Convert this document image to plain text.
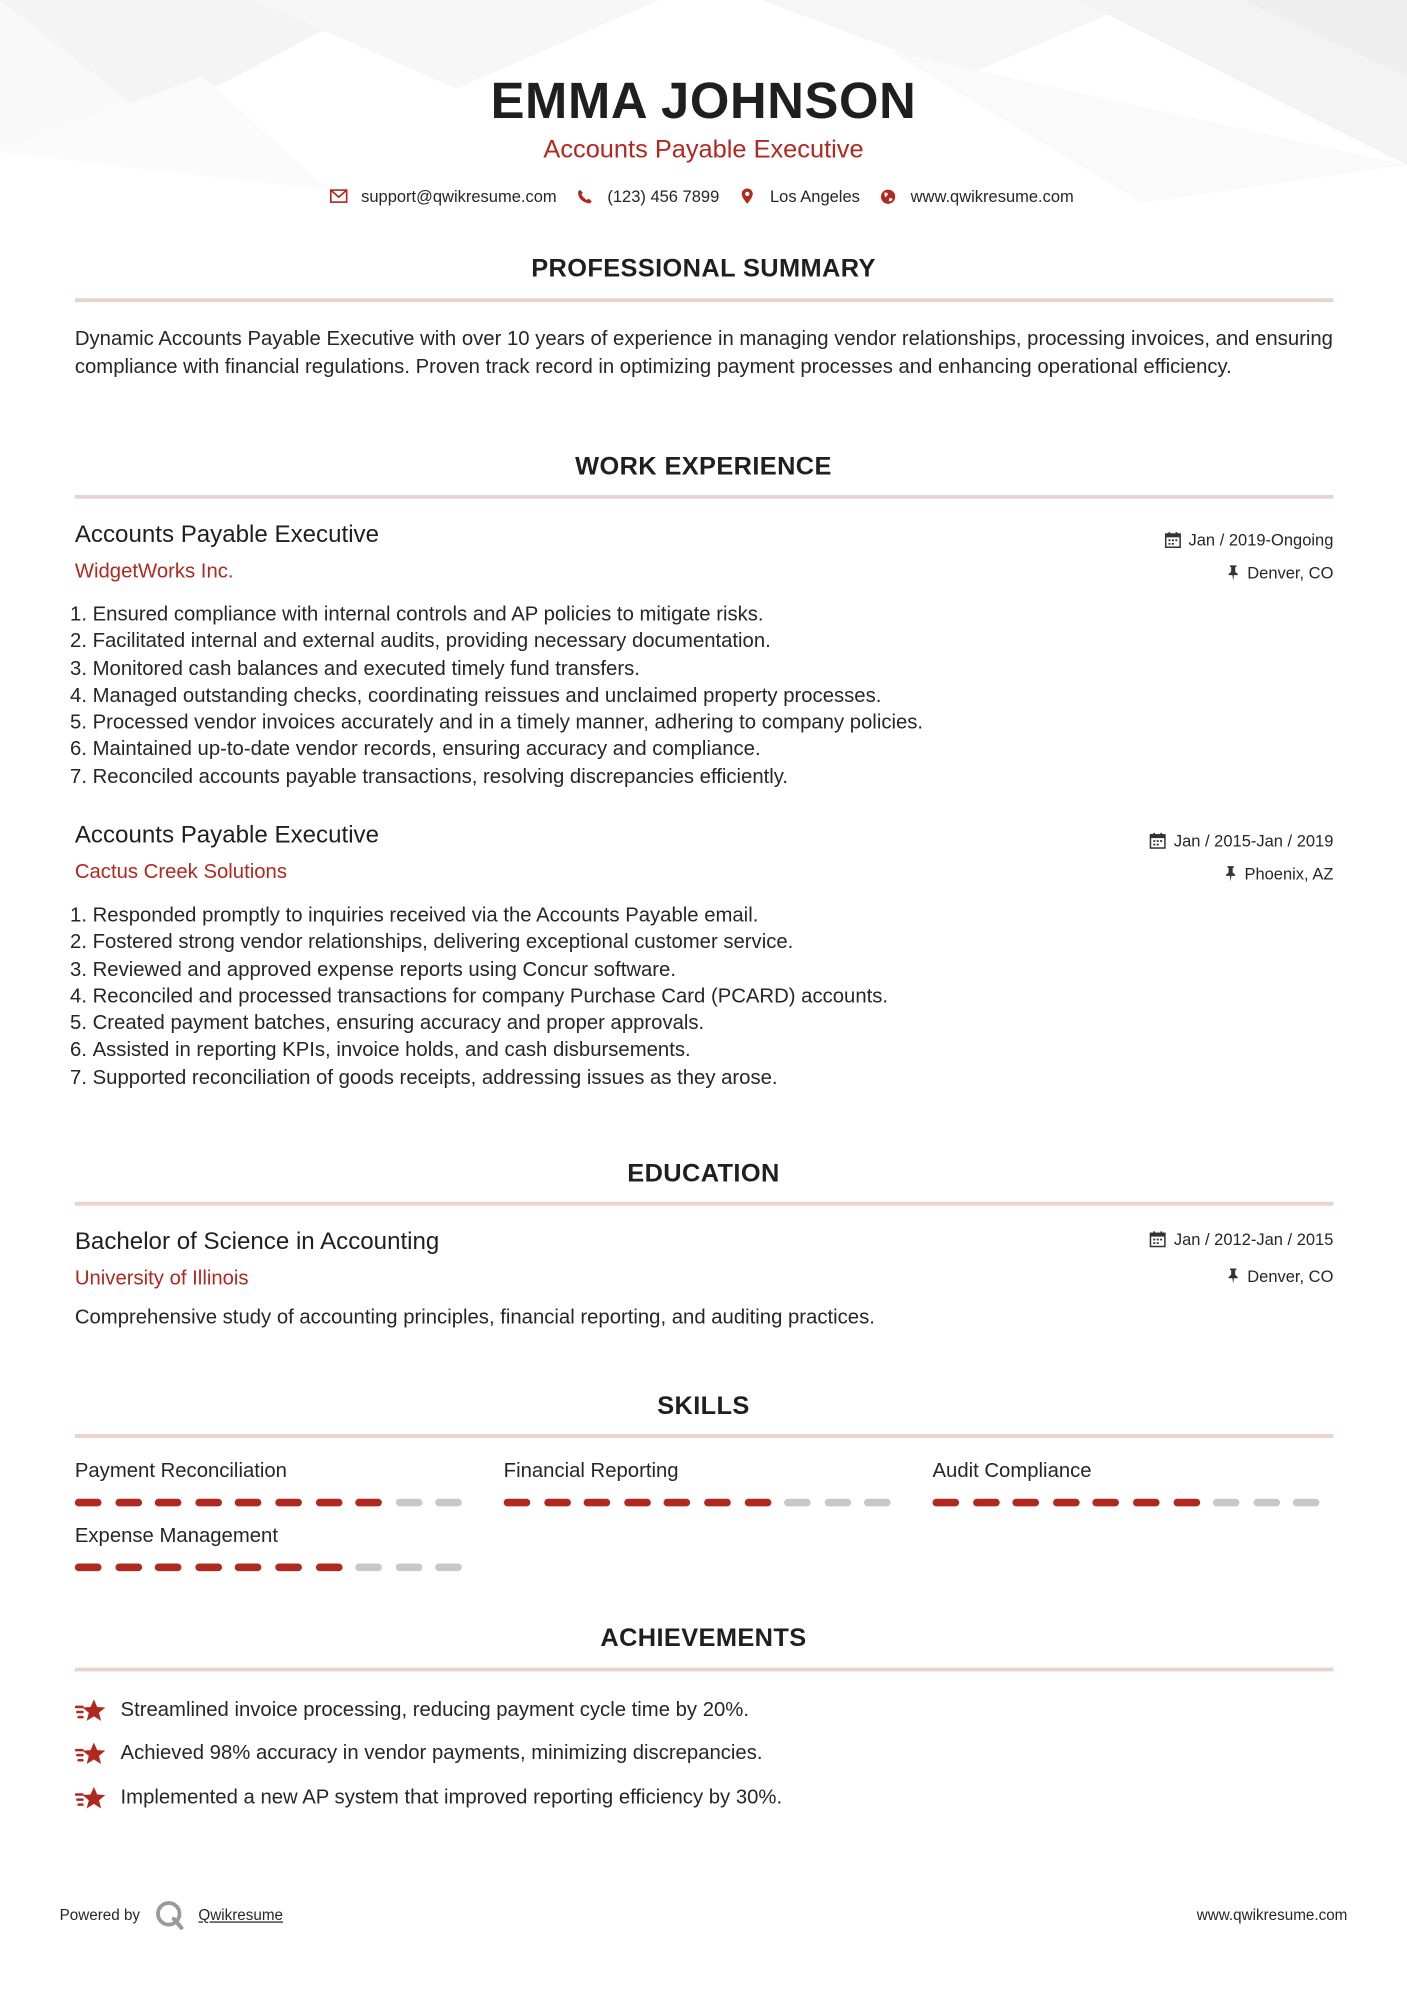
EMMA JOHNSON
Accounts Payable Executive
support@qwikresume.com	(123) 456 7899	Los Angeles	www.qwikresume.com
PROFESSIONAL SUMMARY
Dynamic Accounts Payable Executive with over 10 years of experience in managing vendor relationships, processing invoices, and ensuring compliance with financial regulations. Proven track record in optimizing payment processes and enhancing operational efficiency.
WORK EXPERIENCE
Accounts Payable Executive
WidgetWorks Inc.
Jan / 2019-Ongoing
Denver, CO
1. Ensured compliance with internal controls and AP policies to mitigate risks.
2. Facilitated internal and external audits, providing necessary documentation.
3. Monitored cash balances and executed timely fund transfers.
4. Managed outstanding checks, coordinating reissues and unclaimed property processes.
5. Processed vendor invoices accurately and in a timely manner, adhering to company policies.
6. Maintained up-to-date vendor records, ensuring accuracy and compliance.
7. Reconciled accounts payable transactions, resolving discrepancies efficiently.
Accounts Payable Executive
Cactus Creek Solutions
Jan / 2015-Jan / 2019
Phoenix, AZ
1. Responded promptly to inquiries received via the Accounts Payable email.
2. Fostered strong vendor relationships, delivering exceptional customer service.
3. Reviewed and approved expense reports using Concur software.
4. Reconciled and processed transactions for company Purchase Card (PCARD) accounts.
5. Created payment batches, ensuring accuracy and proper approvals.
6. Assisted in reporting KPIs, invoice holds, and cash disbursements.
7. Supported reconciliation of goods receipts, addressing issues as they arose.
EDUCATION
Bachelor of Science in Accounting
University of Illinois
Jan / 2012-Jan / 2015
Denver, CO
Comprehensive study of accounting principles, financial reporting, and auditing practices.
SKILLS
Payment Reconciliation	Financial Reporting	Audit Compliance
Expense Management
ACHIEVEMENTS
Streamlined invoice processing, reducing payment cycle time by 20%.
Achieved 98% accuracy in vendor payments, minimizing discrepancies.
Implemented a new AP system that improved reporting efficiency by 30%.
Powered by	Qwikresume	www.qwikresume.com
